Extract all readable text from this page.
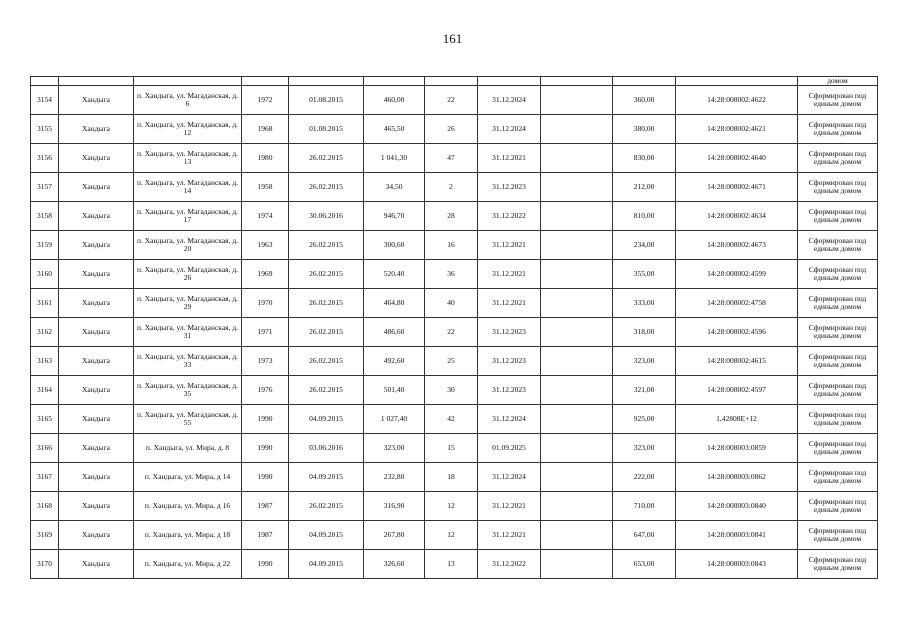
161
											домом
3154	Хандыга	п. Хандыга, ул. Магаданская, д. 6	1972	01.08.2015	460,00	22	31.12.2024		360,00	14:28:008002:4622	Сформирован под единым домом
3155	Хандыга	п. Хандыга, ул. Магаданская, д. 12	1968	01.08.2015	465,50	26	31.12.2024		380,00	14:28:008002:4621	Сформирован под единым домом
3156	Хандыга	п. Хандыга, ул. Магаданская, д. 13	1980	26.02.2015	1 041,30	47	31.12.2021		830,00	14:28:008002:4640	Сформирован под единым домом
3157	Хандыга	п. Хандыга, ул. Магаданская, д. 14	1958	26.02.2015	34,50	2	31.12.2023		212,00	14:28:008002:4671	Сформирован под единым домом
3158	Хандыга	п. Хандыга, ул. Магаданская, д. 17	1974	30.06.2016	946,70	28	31.12.2022		810,00	14:28:008002:4634	Сформирован под единым домом
3159	Хандыга	п. Хандыга, ул. Магаданская, д. 20	1963	26.02.2015	300,60	16	31.12.2021		234,00	14:28:008002:4673	Сформирован под единым домом
3160	Хандыга	п. Хандыга, ул. Магаданская, д. 26	1969	26.02.2015	520,40	36	31.12.2021		355,00	14:28:008002:4599	Сформирован под единым домом
3161	Хандыга	п. Хандыга, ул. Магаданская, д. 29	1970	26.02.2015	464,80	40	31.12.2021		333,00	14:28:008002:4758	Сформирован под единым домом
3162	Хандыга	п. Хандыга, ул. Магаданская, д. 31	1971	26.02.2015	486,60	22	31.12.2023		318,00	14:28:008002:4596	Сформирован под единым домом
3163	Хандыга	п. Хандыга, ул. Магаданская, д. 33	1973	26.02.2015	492,60	25	31.12.2023		323,00	14:28:008002:4615	Сформирован под единым домом
3164	Хандыга	п. Хандыга, ул. Магаданская, д. 35	1976	26.02.2015	501,40	30	31.12.2023		321,00	14:28:008002:4597	Сформирован под единым домом
3165	Хандыга	п. Хандыга, ул. Магаданская, д. 55	1990	04.09.2015	1 027,40	42	31.12.2024		925,00	1,42808E+12	Сформирован под единым домом
3166	Хандыга	п. Хандыга, ул. Мира, д. 8	1990	03.06.2016	323,00	15	01.09.2025		323,00	14:28:008003:0859	Сформирован под единым домом
3167	Хандыга	п. Хандыга, ул. Мира, д 14	1990	04.09.2015	232,80	18	31.12.2024		222,00	14:28:008003:0862	Сформирован под единым домом
3168	Хандыга	п. Хандыга, ул. Мира, д 16	1987	26.02.2015	316,90	12	31.12.2021		710,00	14:28:008003:0840	Сформирован под единым домом
3169	Хандыга	п. Хандыга, ул. Мира, д 18	1987	04.09.2015	267,80	12	31.12.2021		647,00	14:28:008003:0841	Сформирован под единым домом
3170	Хандыга	п. Хандыга, ул. Мира, д 22	1990	04.09.2015	326,60	13	31.12.2022		653,00	14:28:008003:0843	Сформирован под единым домом
